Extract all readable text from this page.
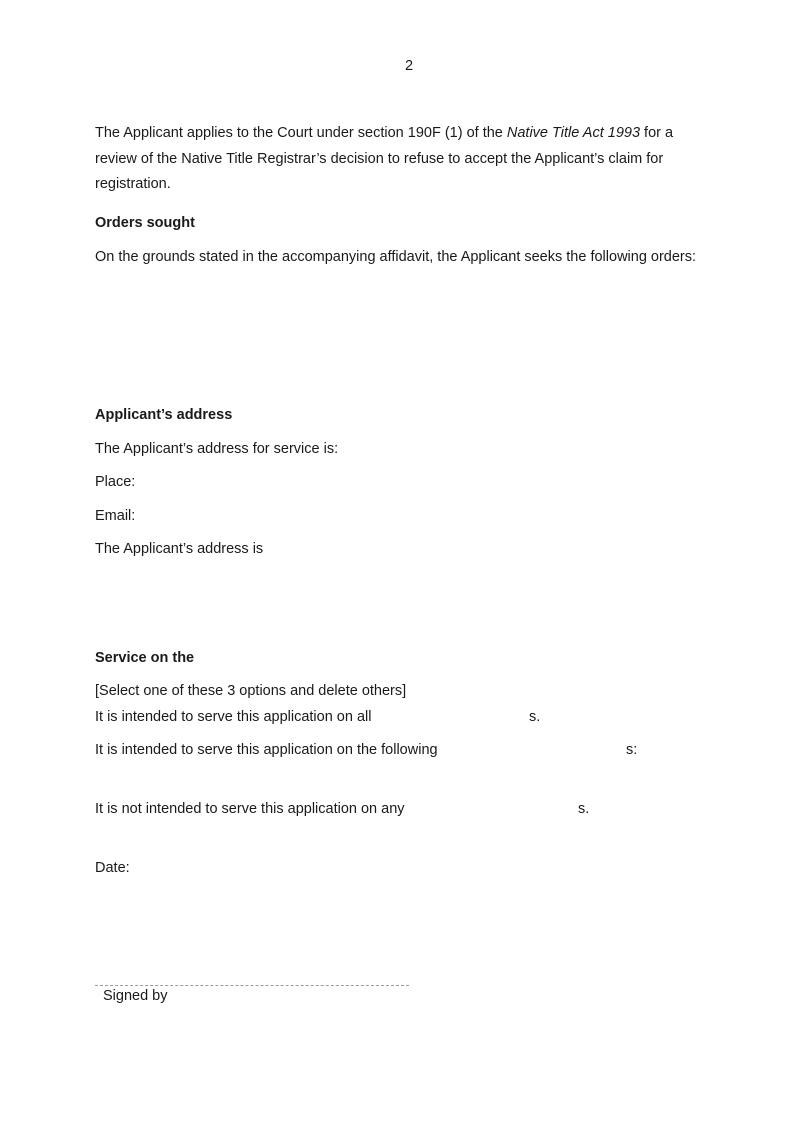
2
The Applicant applies to the Court under section 190F (1) of the Native Title Act 1993 for a review of the Native Title Registrar’s decision to refuse to accept the Applicant’s claim for registration.
Orders sought
On the grounds stated in the accompanying affidavit, the Applicant seeks the following orders:
Applicant’s address
The Applicant’s address for service is:
Place:
Email:
The Applicant’s address is
Service on the
[Select one of these 3 options and delete others]
It is intended to serve this application on all	s.
It is intended to serve this application on the following	s:
It is not intended to serve this application on any	s.
Date:
Signed by
